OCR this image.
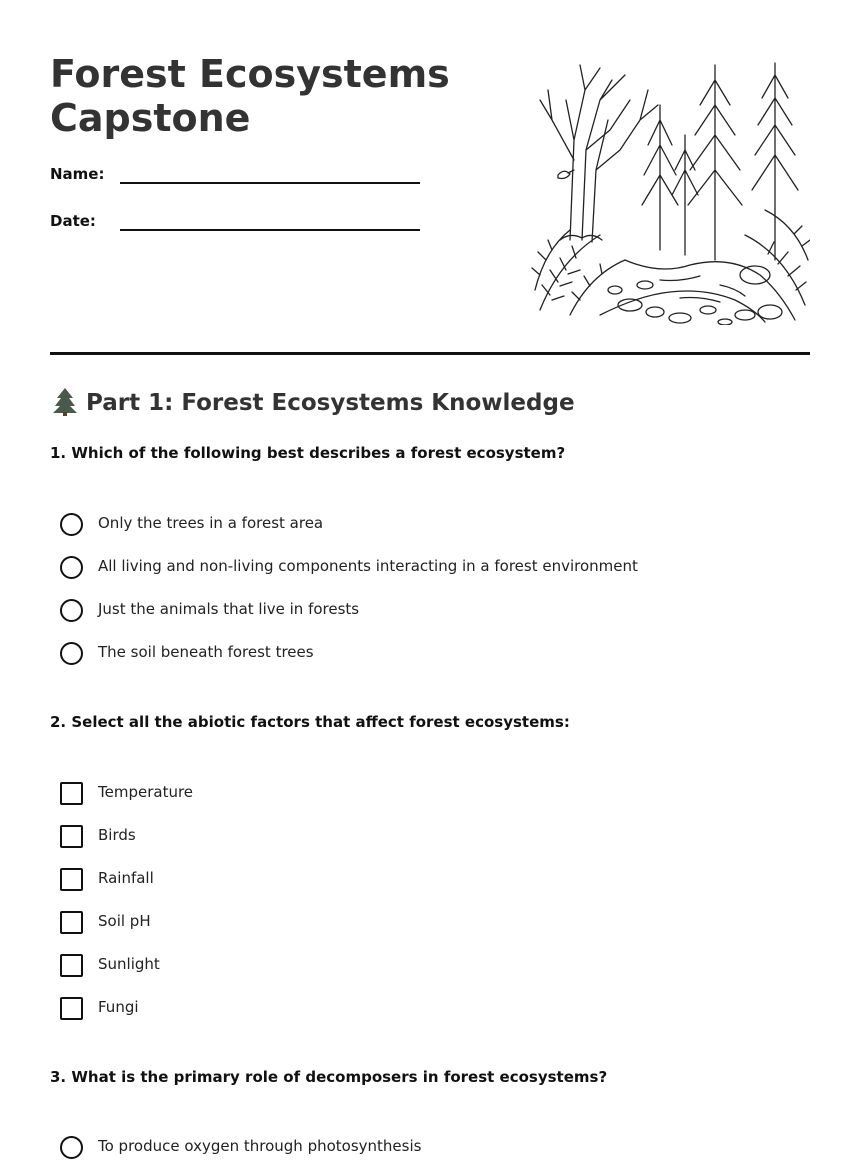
Forest Ecosystems Capstone
Name:
Date:
Part 1: Forest Ecosystems Knowledge

1. Which of the following best describes a forest ecosystem?

Only the trees in a forest area
All living and non-living components interacting in a forest environment
Just the animals that live in forests
The soil beneath forest trees

2. Select all the abiotic factors that affect forest ecosystems:

Temperature
Birds
Rainfall
Soil pH
Sunlight
Fungi

3. What is the primary role of decomposers in forest ecosystems?

To produce oxygen through photosynthesis
